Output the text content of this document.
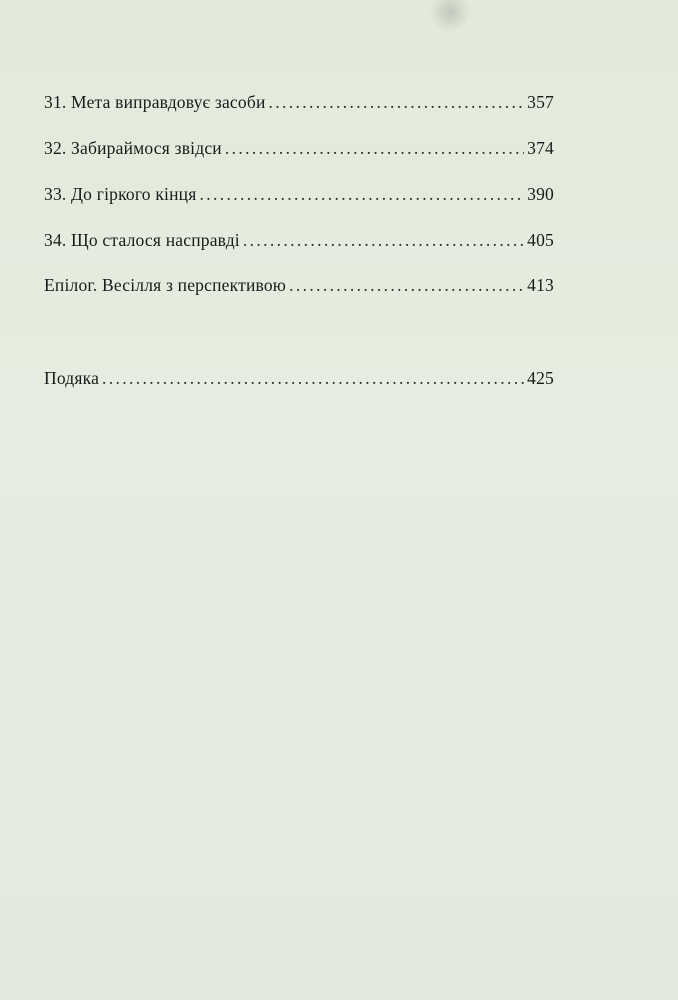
31. Мета виправдовує засоби . . .	357
32. Забираймося звідси . . .	374
33. До гіркого кінця . . .	390
34. Що сталося насправді . . .	405
Епілог. Весілля з перспективою . . .	413
Подяка . . .	425
